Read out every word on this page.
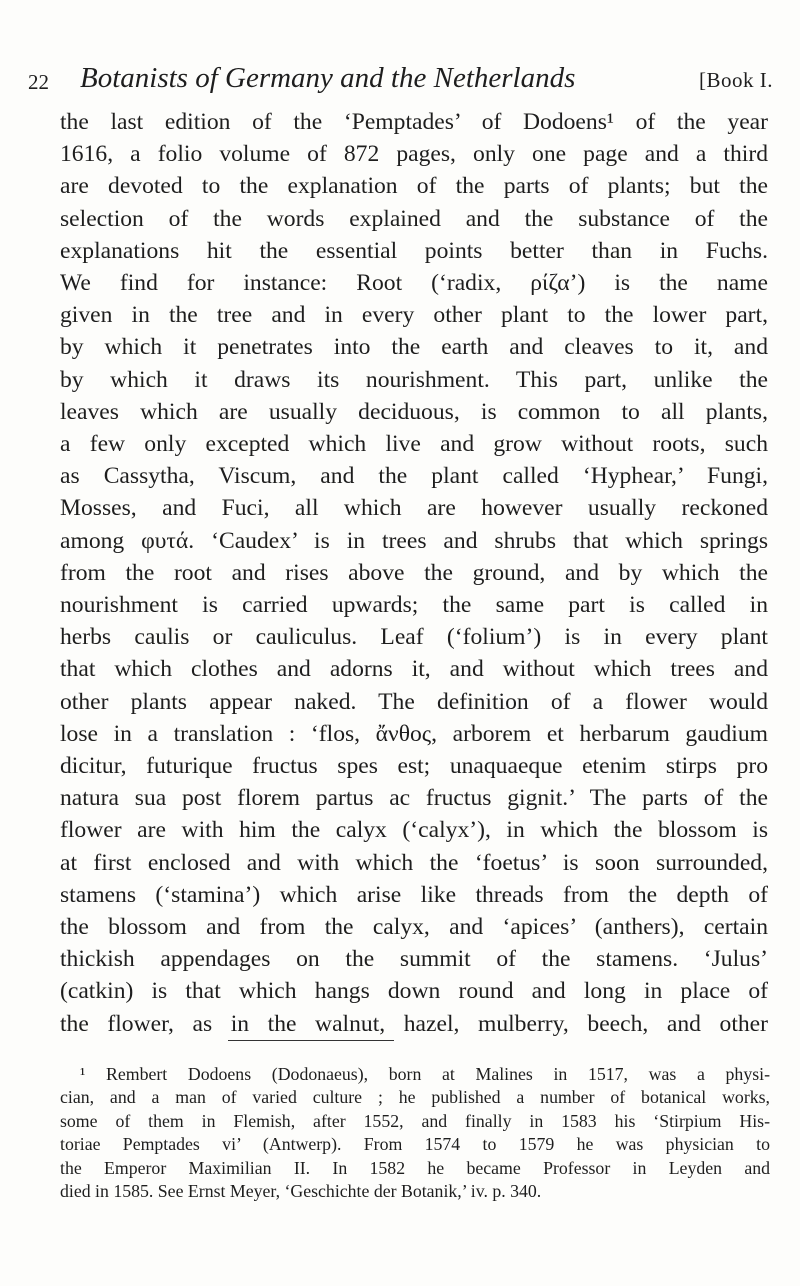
22 Botanists of Germany and the Netherlands	[Book I.
the last edition of the ‘Pemptades’ of Dodoens¹ of the year
1616, a folio volume of 872 pages, only one page and a third
are devoted to the explanation of the parts of plants; but the
selection of the words explained and the substance of the
explanations hit the essential points better than in Fuchs.
We find for instance: Root (‘radix, ρίζα’) is the name
given in the tree and in every other plant to the lower part,
by which it penetrates into the earth and cleaves to it, and
by which it draws its nourishment. This part, unlike the
leaves which are usually deciduous, is common to all plants,
a few only excepted which live and grow without roots, such
as Cassytha, Viscum, and the plant called ‘Hyphear,’ Fungi,
Mosses, and Fuci, all which are however usually reckoned
among φυτά. ‘Caudex’ is in trees and shrubs that which springs
from the root and rises above the ground, and by which the
nourishment is carried upwards; the same part is called in
herbs caulis or cauliculus. Leaf (‘folium’) is in every plant
that which clothes and adorns it, and without which trees and
other plants appear naked. The definition of a flower would
lose in a translation : ‘flos, ἄνθος, arborem et herbarum gaudium
dicitur, futurique fructus spes est; unaquaeque etenim stirps pro
natura sua post florem partus ac fructus gignit.’ The parts of the
flower are with him the calyx (‘calyx’), in which the blossom is
at first enclosed and with which the ‘foetus’ is soon surrounded,
stamens (‘stamina’) which arise like threads from the depth of
the blossom and from the calyx, and ‘apices’ (anthers), certain
thickish appendages on the summit of the stamens. ‘Julus’
(catkin) is that which hangs down round and long in place of
the flower, as in the walnut, hazel, mulberry, beech, and other
¹ Rembert Dodoens (Dodonaeus), born at Malines in 1517, was a physi-
cian, and a man of varied culture ; he published a number of botanical works,
some of them in Flemish, after 1552, and finally in 1583 his ‘Stirpium His-
toriae Pemptades vi’ (Antwerp). From 1574 to 1579 he was physician to
the Emperor Maximilian II. In 1582 he became Professor in Leyden and
died in 1585. See Ernst Meyer, ‘Geschichte der Botanik,’ iv. p. 340.
